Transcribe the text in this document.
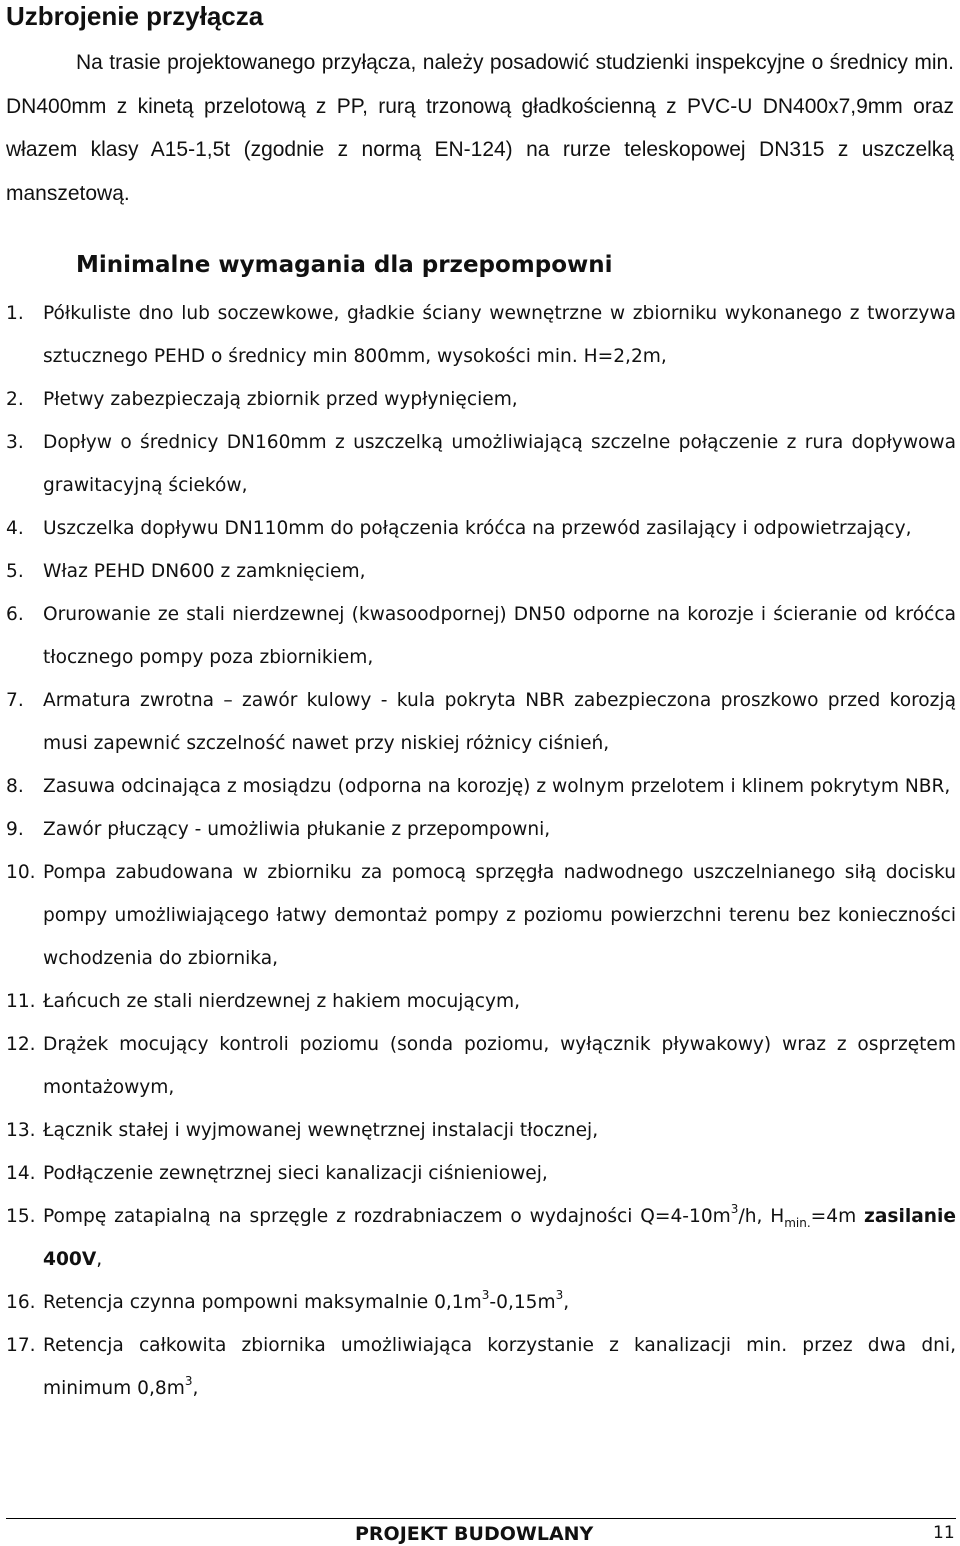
Uzbrojenie przyłącza

Na trasie projektowanego przyłącza, należy posadowić studzienki inspekcyjne o średnicy min. DN400mm z kinetą przelotową z PP, rurą trzonową gładkościenną z PVC-U DN400x7,9mm oraz włazem klasy A15-1,5t (zgodnie z normą EN-124) na rurze teleskopowej DN315 z uszczelką manszetową.

Minimalne wymagania dla przepompowni
1. Półkuliste dno lub soczewkowe, gładkie ściany wewnętrzne w zbiorniku wykonanego z tworzywa sztucznego PEHD o średnicy min 800mm, wysokości min. H=2,2m,
2. Płetwy zabezpieczają zbiornik przed wypłynięciem,
3. Dopływ o średnicy DN160mm z uszczelką umożliwiającą szczelne połączenie z rura dopływowa grawitacyjną ścieków,
4. Uszczelka dopływu DN110mm do połączenia króćca na przewód zasilający i odpowietrzający,
5. Właz PEHD DN600 z zamknięciem,
6. Orurowanie ze stali nierdzewnej (kwasoodpornej) DN50 odporne na korozje i ścieranie od króćca tłocznego pompy poza zbiornikiem,
7. Armatura zwrotna – zawór kulowy - kula pokryta NBR zabezpieczona proszkowo przed korozją musi zapewnić szczelność nawet przy niskiej różnicy ciśnień,
8. Zasuwa odcinająca z mosiądzu (odporna na korozję) z wolnym przelotem i klinem pokrytym NBR,
9. Zawór płuczący - umożliwia płukanie z przepompowni,
10. Pompa zabudowana w zbiorniku za pomocą sprzęgła nadwodnego uszczelnianego siłą docisku pompy umożliwiającego łatwy demontaż pompy z poziomu powierzchni terenu bez konieczności wchodzenia do zbiornika,
11. Łańcuch ze stali nierdzewnej z hakiem mocującym,
12. Drążek mocujący kontroli poziomu (sonda poziomu, wyłącznik pływakowy) wraz z osprzętem montażowym,
13. Łącznik stałej i wyjmowanej wewnętrznej instalacji tłocznej,
14. Podłączenie zewnętrznej sieci kanalizacji ciśnieniowej,
15. Pompę zatapialną na sprzęgle z rozdrabniaczem o wydajności $Q=4-10m^3/h$, $H_{min.}=4m$ zasilanie 400V,
16. Retencja czynna pompowni maksymalnie $0,1m^3-0,15m^3$,
17. Retencja całkowita zbiornika umożliwiająca korzystanie z kanalizacji min. przez dwa dni, minimum $0,8m^3$,
PROJEKT BUDOWLANY	11
